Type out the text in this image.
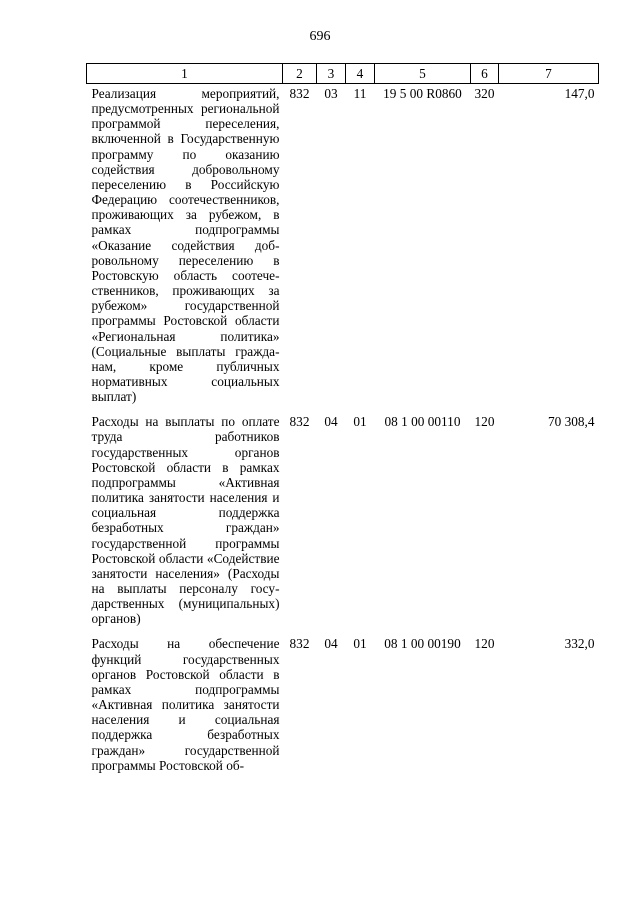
696
1	2	3	4	5	6	7
Реализация мероприятий, предусмотренных региональной программой переселения, включенной в Государственную программу по оказанию содействия добровольному переселению в Российскую Федерацию соотечественников, проживающих за рубежом, в рамках подпрограммы «Оказание содействия добровольному переселению в Ростовскую область соотечественников, проживающих за рубежом» государственной программы Ростовской области «Региональная политика» (Социальные выплаты гражданам, кроме публичных нормативных социальных выплат)	832	03	11	19 5 00 R0860	320	147,0
Расходы на выплаты по оплате труда работников государственных органов Ростовской области в рамках подпрограммы «Активная политика занятости населения и социальная поддержка безработных граждан» государственной программы Ростовской области «Содействие занятости населения» (Расходы на выплаты персоналу государственных (муниципальных) органов)	832	04	01	08 1 00 00110	120	70 308,4
Расходы на обеспечение функций государственных органов Ростовской области в рамках подпрограммы «Активная политика занятости населения и социальная поддержка безработных граждан» государственной программы Ростовской об-	832	04	01	08 1 00 00190	120	332,0
